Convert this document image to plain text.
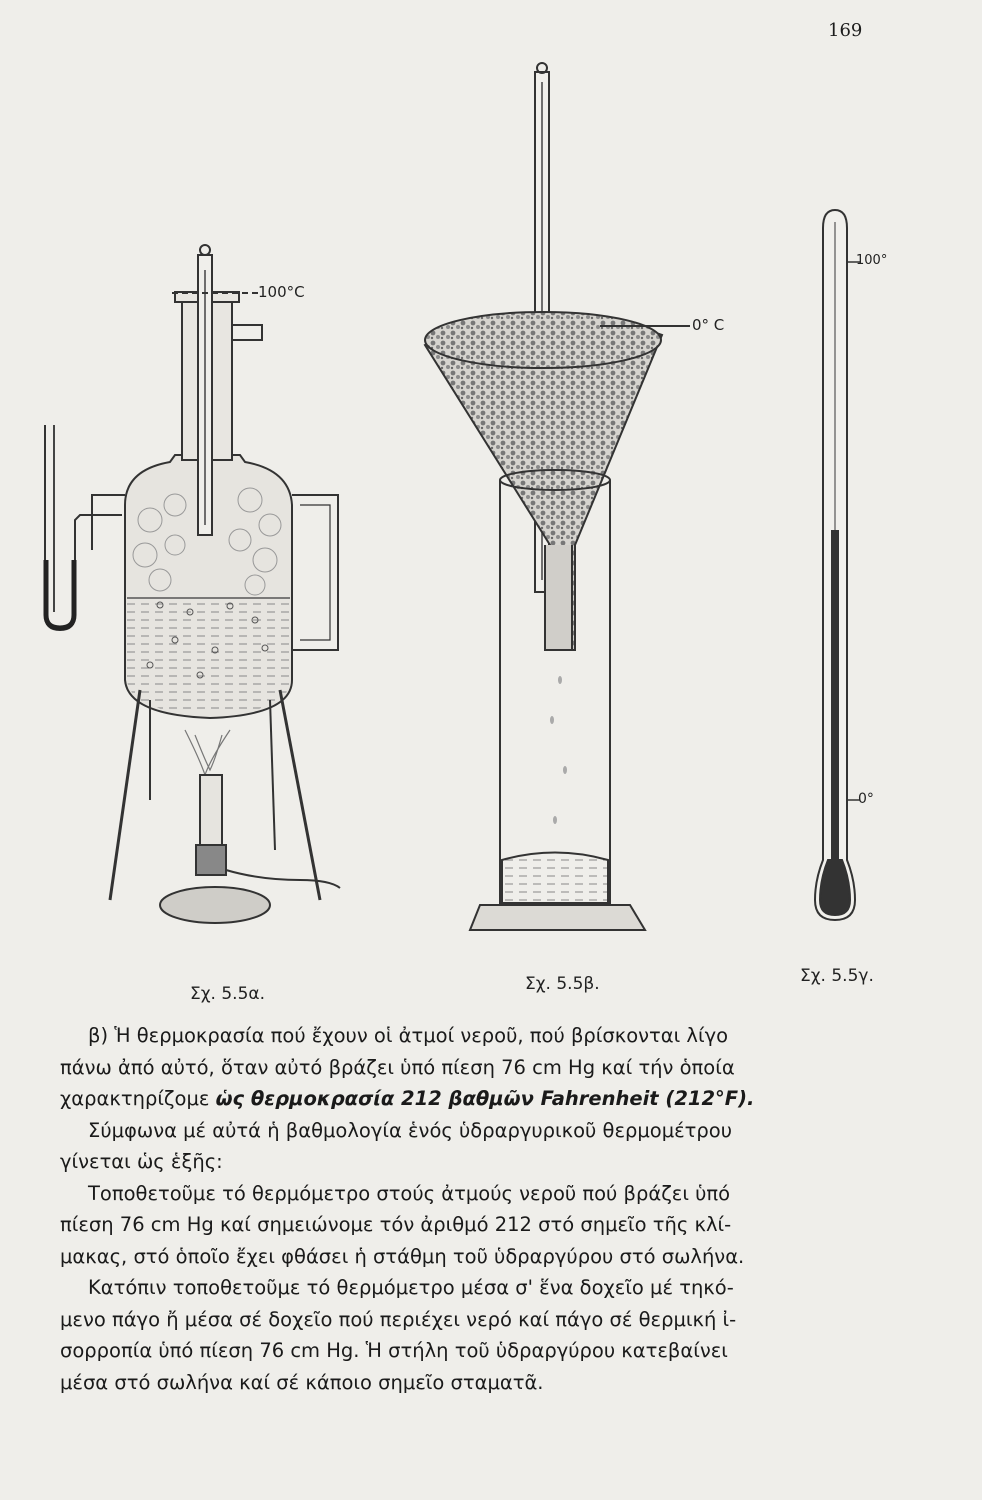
169
100°C
0° C
100°
0°
Σχ. 5.5α.	Σχ. 5.5β.	Σχ. 5.5γ.
β) Ἡ θερμοκρασία πού ἔχουν οἱ ἀτμοί νεροῦ, πού βρίσκονται λίγο
πάνω ἀπό αὐτό, ὅταν αὐτό βράζει ὑπό πίεση 76 cm Hg καί τήν ὁποία
χαρακτηρίζομε ὡς θερμοκρασία 212 βαθμῶν Fahrenheit (212°F).
Σύμφωνα μέ αὐτά ἡ βαθμολογία ἑνός ὑδραργυρικοῦ θερμομέτρου
γίνεται ὡς ἑξῆς:
Τοποθετοῦμε τό θερμόμετρο στούς ἀτμούς νεροῦ πού βράζει ὑπό
πίεση 76 cm Hg καί σημειώνομε τόν ἀριθμό 212 στό σημεῖο τῆς κλί-
μακας, στό ὁποῖο ἔχει φθάσει ἡ στάθμη τοῦ ὑδραργύρου στό σωλήνα.
Κατόπιν τοποθετοῦμε τό θερμόμετρο μέσα σ' ἕνα δοχεῖο μέ τηκό-
μενο πάγο ἤ μέσα σέ δοχεῖο πού περιέχει νερό καί πάγο σέ θερμική ἰ-
σορροπία ὑπό πίεση 76 cm Hg. Ἡ στήλη τοῦ ὑδραργύρου κατεβαίνει
μέσα στό σωλήνα καί σέ κάποιο σημεῖο σταματᾶ.
